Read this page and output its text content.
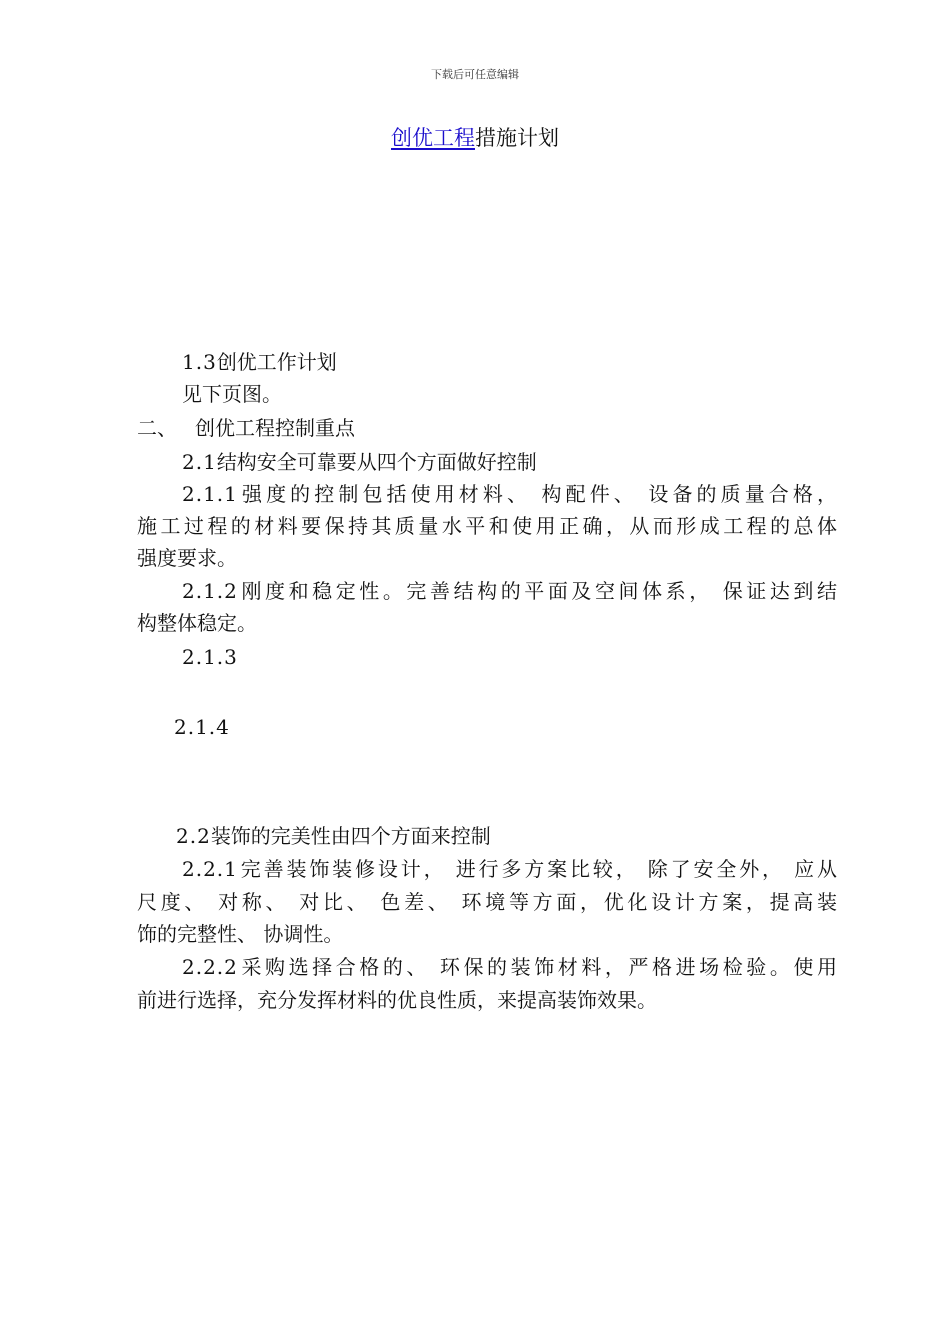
下载后可任意编辑
创优工程措施计划
1.3创优工作计划
见下页图。
二、 创优工程控制重点
2.1结构安全可靠要从四个方面做好控制
2.1.1强度的控制包括使用材料、 构配件、 设备的质量合格，
施工过程的材料要保持其质量水平和使用正确，从而形成工程的总体
强度要求。
2.1.2刚度和稳定性。完善结构的平面及空间体系， 保证达到结
构整体稳定。
2.1.3
2.1.4
2.2装饰的完美性由四个方面来控制
2.2.1完善装饰装修设计， 进行多方案比较， 除了安全外， 应从
尺度、 对称、 对比、 色差、 环境等方面，优化设计方案，提高装
饰的完整性、 协调性。
2.2.2采购选择合格的、 环保的装饰材料，严格进场检验。使用
前进行选择，充分发挥材料的优良性质，来提高装饰效果。
